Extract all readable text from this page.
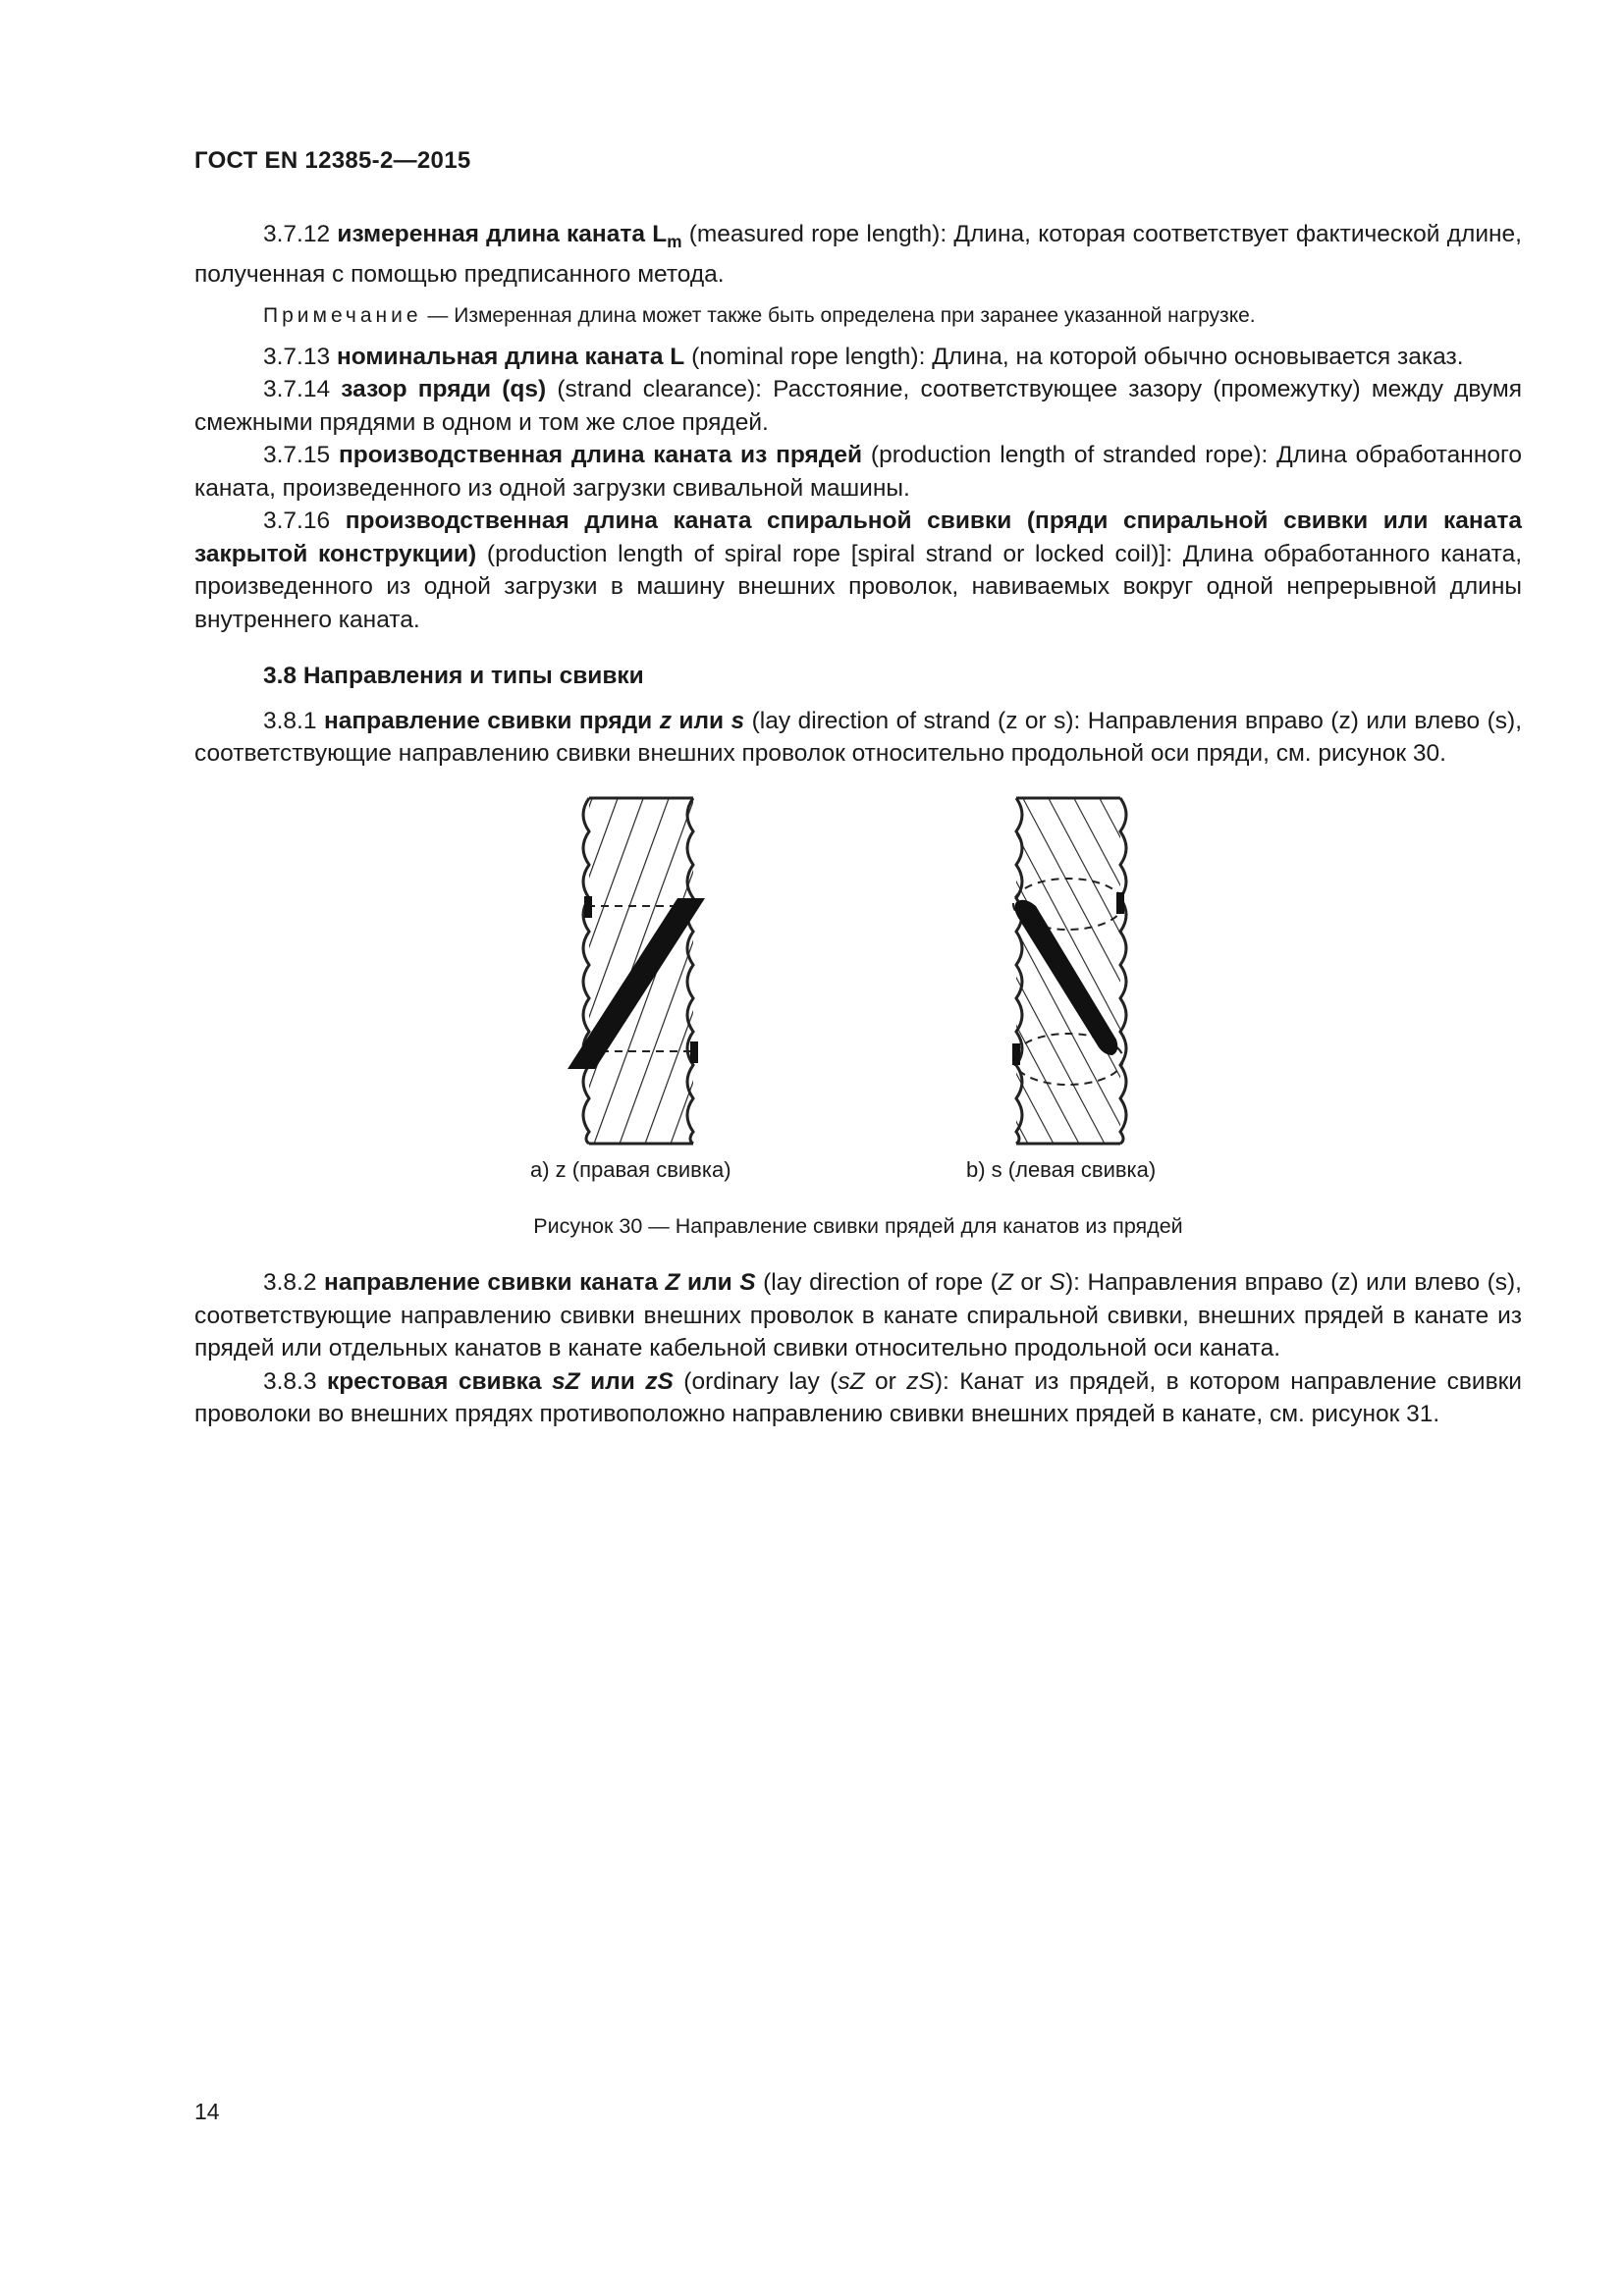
ГОСТ EN 12385-2—2015

3.7.12 измеренная длина каната $L_m$ (measured rope length): Длина, которая соответствует фактической длине, полученная с помощью предписанного метода.

Примечание — Измеренная длина может также быть определена при заранее указанной нагрузке.

3.7.13 номинальная длина каната L (nominal rope length): Длина, на которой обычно основывается заказ.

3.7.14 зазор пряди (qs) (strand clearance): Расстояние, соответствующее зазору (промежутку) между двумя смежными прядями в одном и том же слое прядей.

3.7.15 производственная длина каната из прядей (production length of stranded rope): Длина обработанного каната, произведенного из одной загрузки свивальной машины.

3.7.16 производственная длина каната спиральной свивки (пряди спиральной свивки или каната закрытой конструкции) (production length of spiral rope [spiral strand or locked coil)]: Длина обработанного каната, произведенного из одной загрузки в машину внешних проволок, навиваемых вокруг одной непрерывной длины внутреннего каната.

3.8 Направления и типы свивки

3.8.1 направление свивки пряди z или s (lay direction of strand (z or s): Направления вправо (z) или влево (s), соответствующие направлению свивки внешних проволок относительно продольной оси пряди, см. рисунок 30.

a) z (правая свивка)	b) s (левая свивка)

Рисунок 30 — Направление свивки прядей для канатов из прядей

3.8.2 направление свивки каната Z или S (lay direction of rope (Z or S): Направления вправо (z) или влево (s), соответствующие направлению свивки внешних проволок в канате спиральной свивки, внешних прядей в канате из прядей или отдельных канатов в канате кабельной свивки относительно продольной оси каната.

3.8.3 крестовая свивка sZ или zS (ordinary lay (sZ or zS): Канат из прядей, в котором направление свивки проволоки во внешних прядях противоположно направлению свивки внешних прядей в канате, см. рисунок 31.

14
